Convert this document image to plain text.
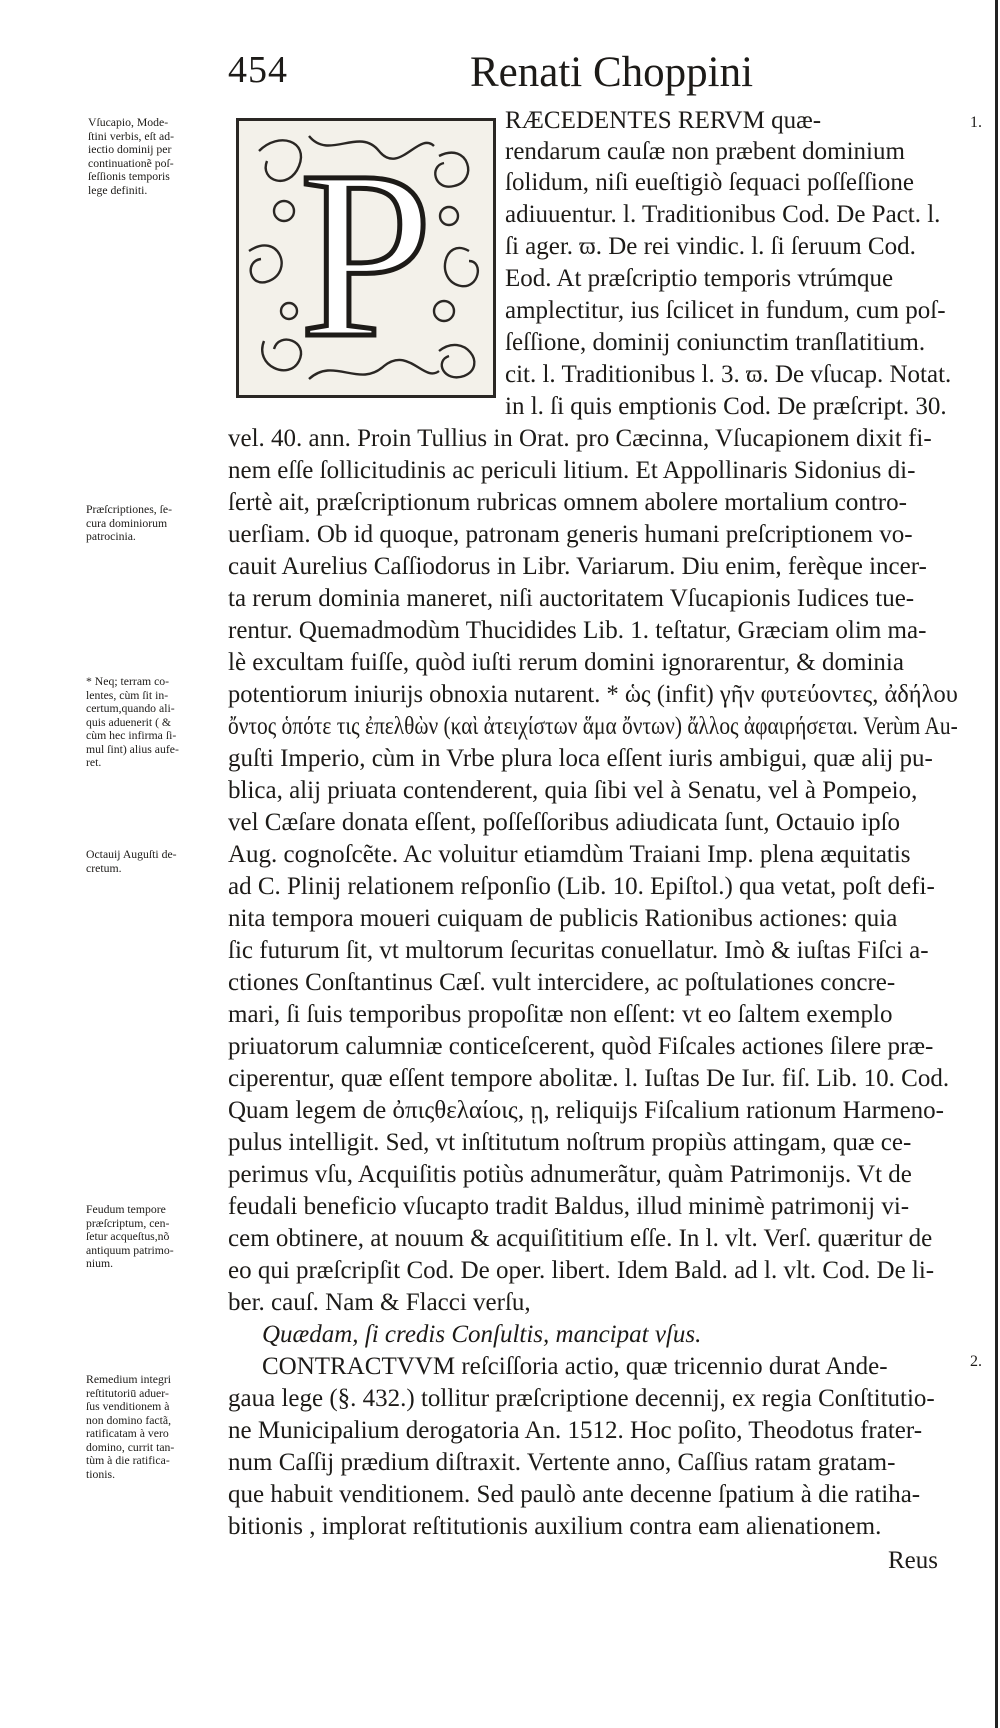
454	Renati Choppini
P	1.
2.
Vſucapio, Mode-
ſtini verbis, eſt ad-
iectio dominij per
continuationẽ poſ-
ſeſſionis temporis
lege definiti.
Præſcriptiones, ſe-
cura dominiorum
patrocinia.
* Neq; terram co-
lentes, cùm ſit in-
certum,quando ali-
quis aduenerit ( &
cùm hec infirma ſi-
mul ſint) alius aufe-
ret.
Octauij Auguſti de-
cretum.
Feudum tempore
præſcriptum, cen-
ſetur acqueſtus,nõ
antiquum patrimo-
nium.
Remedium integri
reſtitutoriū aduer-
ſus venditionem à
non domino factã,
ratificatam à vero
domino, currit tan-
tùm à die ratifica-
tionis.
RÆCEDENTES RERVM quæ-
rendarum cauſæ non præbent dominium
ſolidum, niſi eueſtigiò ſequaci poſſeſſione
adiuuentur. l. Traditionibus Cod. De Pact. l.
ſi ager. ϖ. De rei vindic. l. ſi ſeruum Cod.
Eod. At præſcriptio temporis vtrúmque
amplectitur, ius ſcilicet in fundum, cum poſ-
ſeſſione, dominij coniunctim tranſlatitium.
cit. l. Traditionibus l. 3. ϖ. De vſucap. Notat.
in l. ſi quis emptionis Cod. De præſcript. 30.
vel. 40. ann. Proin Tullius in Orat. pro Cæcinna, Vſucapionem dixit fi-
nem eſſe ſollicitudinis ac periculi litium. Et Appollinaris Sidonius di-
ſertè ait, præſcriptionum rubricas omnem abolere mortalium contro-
uerſiam. Ob id quoque, patronam generis humani preſcriptionem vo-
cauit Aurelius Caſſiodorus in Libr. Variarum. Diu enim, ferèque incer-
ta rerum dominia maneret, niſi auctoritatem Vſucapionis Iudices tue-
rentur. Quemadmodùm Thucidides Lib. 1. teſtatur, Græciam olim ma-
lè excultam fuiſſe, quòd iuſti rerum domini ignorarentur, & dominia
potentiorum iniurijs obnoxia nutarent. * ὡς (infit) γῆν φυτεύοντες, ἀδήλου
ὄντος ὁπότε τις ἐπελθὼν (καὶ ἀτειχίστων ἅμα ὄντων) ἄλλος ἀφαιρήσεται. Verùm Au-
guſti Imperio, cùm in Vrbe plura loca eſſent iuris ambigui, quæ alij pu-
blica, alij priuata contenderent, quia ſibi vel à Senatu, vel à Pompeio,
vel Cæſare donata eſſent, poſſeſſoribus adiudicata ſunt, Octauio ipſo
Aug. cognoſcẽte. Ac voluitur etiamdùm Traiani Imp. plena æquitatis
ad C. Plinij relationem reſponſio (Lib. 10. Epiſtol.) qua vetat, poſt defi-
nita tempora moueri cuiquam de publicis Rationibus actiones: quia
ſic futurum ſit, vt multorum ſecuritas conuellatur. Imò & iuſtas Fiſci a-
ctiones Conſtantinus Cæſ. vult intercidere, ac poſtulationes concre-
mari, ſi ſuis temporibus propoſitæ non eſſent: vt eo ſaltem exemplo
priuatorum calumniæ conticeſcerent, quòd Fiſcales actiones ſilere præ-
ciperentur, quæ eſſent tempore abolitæ. l. Iuſtas De Iur. fiſ. Lib. 10. Cod.
Quam legem de ὀπιςθελαίοις, ῃ, reliquijs Fiſcalium rationum Harmeno-
pulus intelligit. Sed, vt inſtitutum noſtrum propiùs attingam, quæ ce-
perimus vſu, Acquiſitis potiùs adnumerãtur, quàm Patrimonijs. Vt de
feudali beneficio vſucapto tradit Baldus, illud minimè patrimonij vi-
cem obtinere, at nouum & acquiſititium eſſe. In l. vlt. Verſ. quæritur de
eo qui præſcripſit Cod. De oper. libert. Idem Bald. ad l. vlt. Cod. De li-
ber. cauſ. Nam & Flacci verſu,
Quædam, ſi credis Conſultis, mancipat vſus.
CONTRACTVVM reſciſſoria actio, quæ tricennio durat Ande-
gaua lege (§. 432.) tollitur præſcriptione decennij, ex regia Conſtitutio-
ne Municipalium derogatoria An. 1512. Hoc poſito, Theodotus frater-
num Caſſij prædium diſtraxit. Vertente anno, Caſſius ratam gratam-
que habuit venditionem. Sed paulò ante decenne ſpatium à die ratiha-
bitionis , implorat reſtitutionis auxilium contra eam alienationem.
Reus
